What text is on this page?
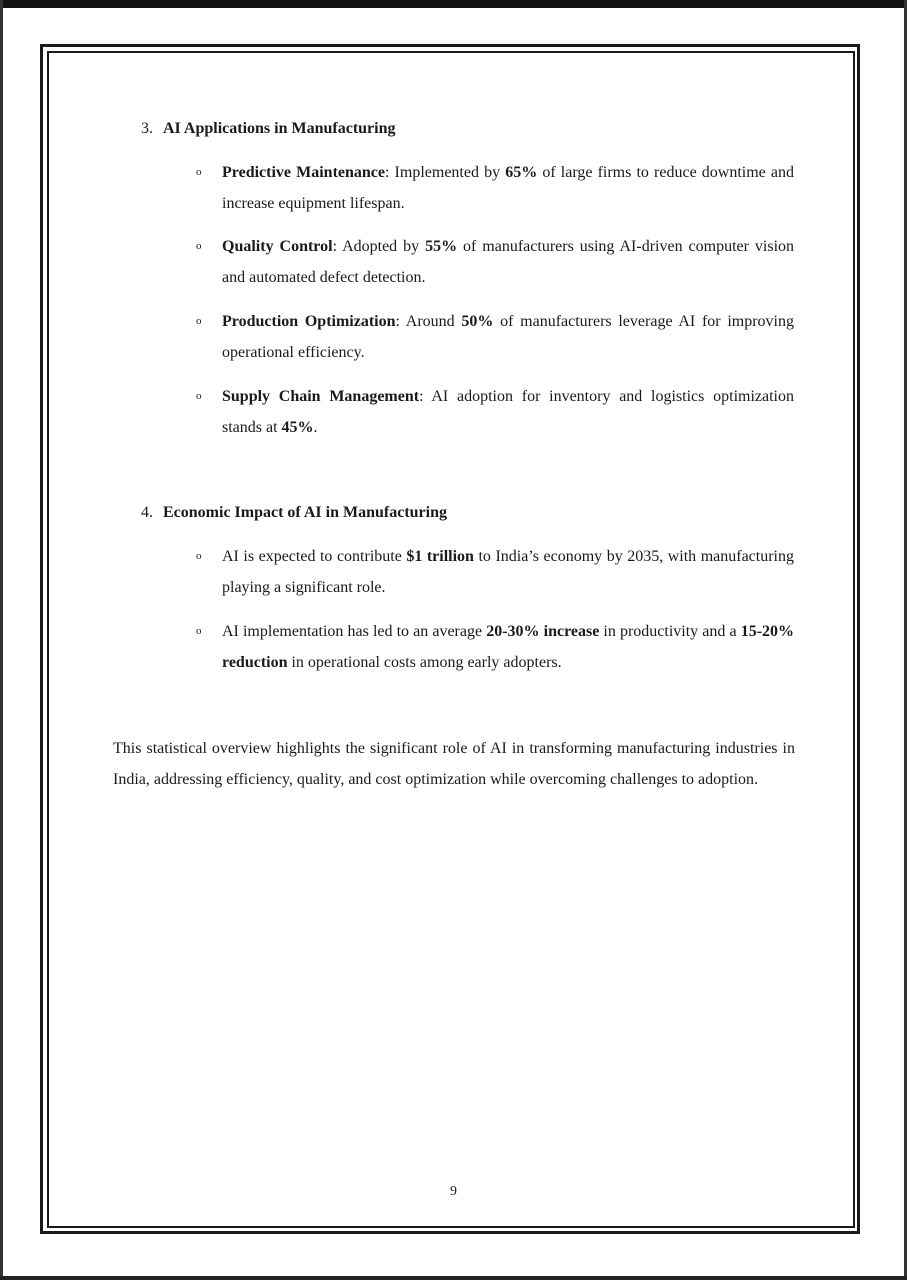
3. AI Applications in Manufacturing
o Predictive Maintenance: Implemented by 65% of large firms to reduce downtime and increase equipment lifespan.
o Quality Control: Adopted by 55% of manufacturers using AI-driven computer vision and automated defect detection.
o Production Optimization: Around 50% of manufacturers leverage AI for improving operational efficiency.
o Supply Chain Management: AI adoption for inventory and logistics optimization stands at 45%.
4. Economic Impact of AI in Manufacturing
o AI is expected to contribute $1 trillion to India’s economy by 2035, with manufacturing playing a significant role.
o AI implementation has led to an average 20-30% increase in productivity and a 15-20% reduction in operational costs among early adopters.
This statistical overview highlights the significant role of AI in transforming manufacturing industries in India, addressing efficiency, quality, and cost optimization while overcoming challenges to adoption.
9
